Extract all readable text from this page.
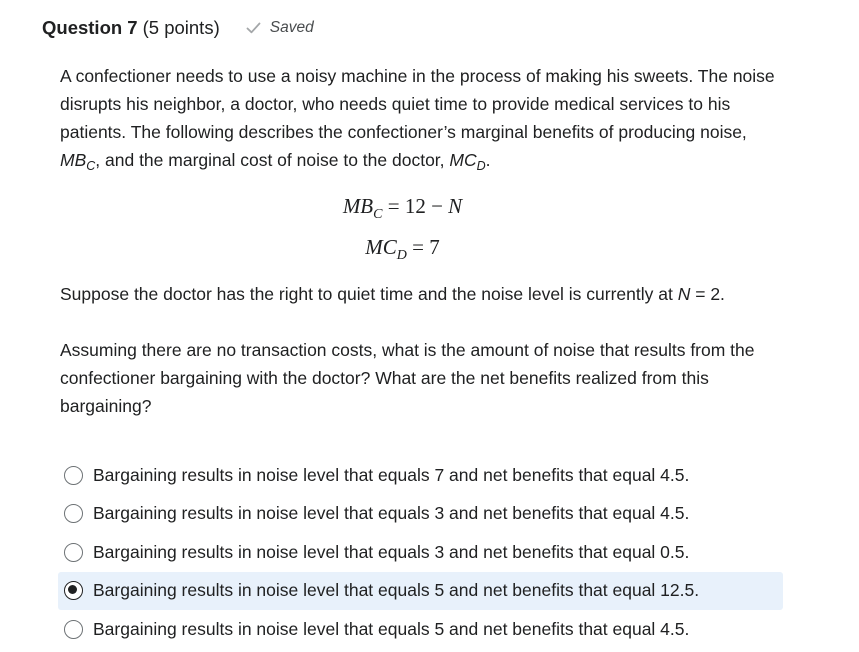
Question 7 (5 points)	Saved

A confectioner needs to use a noisy machine in the process of making his sweets. The noise disrupts his neighbor, a doctor, who needs quiet time to provide medical services to his patients. The following describes the confectioner’s marginal benefits of producing noise, $MB_C$, and the marginal cost of noise to the doctor, $MC_D$.

$MB_C = 12 - N$
$MC_D = 7$

Suppose the doctor has the right to quiet time and the noise level is currently at N = 2.

Assuming there are no transaction costs, what is the amount of noise that results from the confectioner bargaining with the doctor? What are the net benefits realized from this bargaining?

Bargaining results in noise level that equals 7 and net benefits that equal 4.5.
Bargaining results in noise level that equals 3 and net benefits that equal 4.5.
Bargaining results in noise level that equals 3 and net benefits that equal 0.5.
Bargaining results in noise level that equals 5 and net benefits that equal 12.5.
Bargaining results in noise level that equals 5 and net benefits that equal 4.5.
